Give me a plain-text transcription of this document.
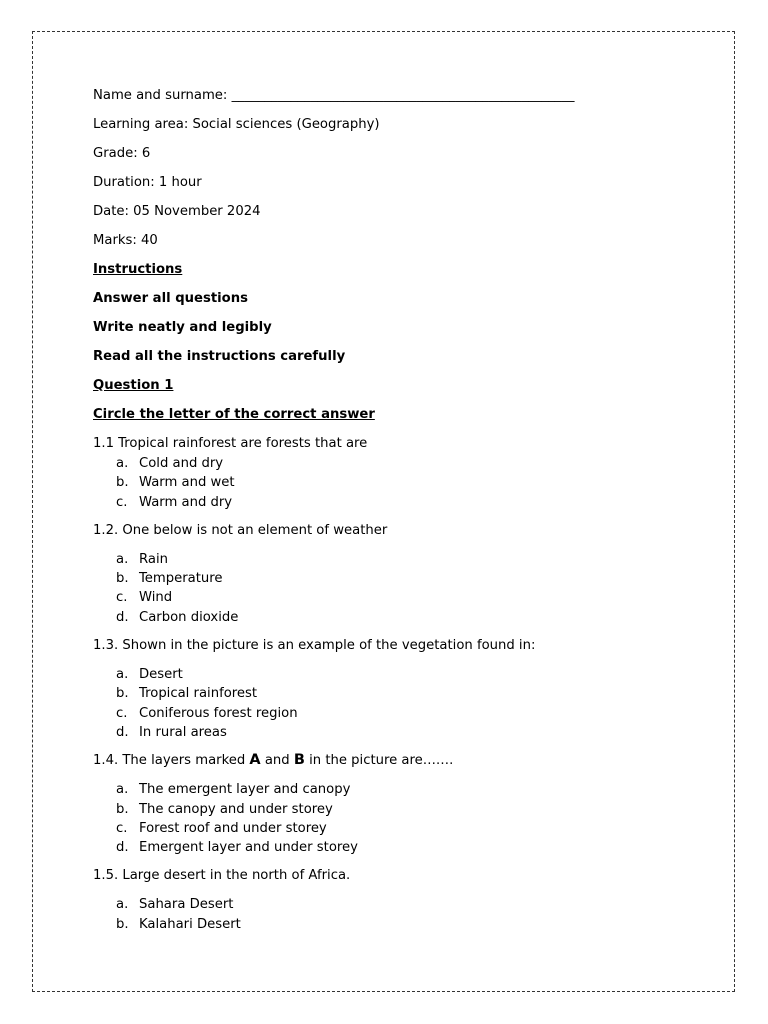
Name and surname: ____________________________________________________
Learning area: Social sciences (Geography)
Grade: 6
Duration: 1 hour
Date: 05 November 2024
Marks: 40
Instructions
Answer all questions
Write neatly and legibly
Read all the instructions carefully
Question 1
Circle the letter of the correct answer
1.1 Tropical rainforest are forests that are
a. Cold and dry
b. Warm and wet
c. Warm and dry
1.2. One below is not an element of weather
a. Rain
b. Temperature
c. Wind
d. Carbon dioxide
1.3. Shown in the picture is an example of the vegetation found in:
a. Desert
b. Tropical rainforest
c. Coniferous forest region
d. In rural areas
1.4. The layers marked A and B in the picture are…….
a. The emergent layer and canopy
b. The canopy and under storey
c. Forest roof and under storey
d. Emergent layer and under storey
1.5. Large desert in the north of Africa.
a. Sahara Desert
b. Kalahari Desert
